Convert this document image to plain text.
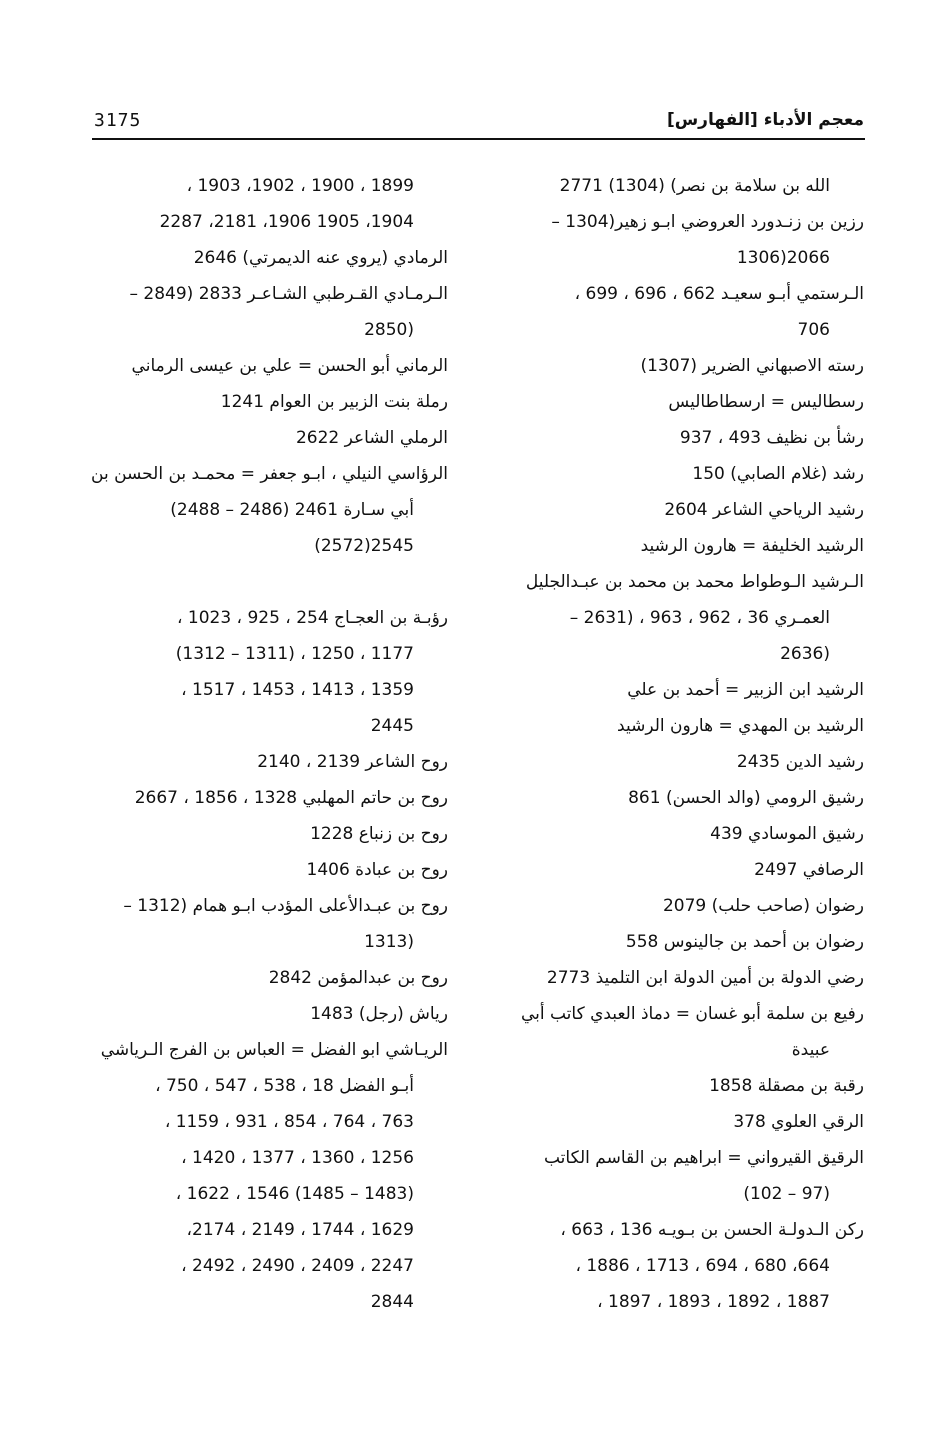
معجم الأدباء [الفهارس]
3175
الله بن سلامة بن نصر) (1304) 2771
رزين بن زنـدورد العروضي ابـو زهير(1304 –
2066(1306
الـرستمي أبـو سعيـد 662 ، 696 ، 699 ،
706
رسته الاصبهاني الضرير (1307)
رسطاليس = ارسطاطاليس
رشأ بن نظيف 493 ، 937
رشد (غلام الصابي) 150
رشيد الرياحي الشاعر 2604
الرشيد الخليفة = هارون الرشيد
الـرشيد الـوطواط محمد بن محمد بن عبـدالجليل
العمـري 36 ، 962 ، 963 ، (2631 –
(2636
الرشيد ابن الزبير = أحمد بن علي
الرشيد بن المهدي = هارون الرشيد
رشيد الدين 2435
رشيق الرومي (والد الحسن) 861
رشيق الموسادي 439
الرصافي 2497
رضوان (صاحب حلب) 2079
رضوان بن أحمد بن جالينوس 558
رضي الدولة بن أمين الدولة ابن التلميذ 2773
رفيع بن سلمة أبو غسان = دماذ العبدي كاتب أبي
عبيدة
رقبة بن مصقلة 1858
الرقي العلوي 378
الرقيق القيرواني = ابراهيم بن القاسم الكاتب
(97 – 102)
ركن الـدولـة الحسن بن بـويـه 136 ، 663 ،
664، 680 ، 694 ، 1713 ، 1886 ،
1887 ، 1892 ، 1893 ، 1897 ،
1899 ، 1900 ، 1902، 1903 ،
1904، 1905 1906، 2181، 2287
الرمادي (يروي عنه الديمرتي) 2646
الـرمـادي القـرطبي الشـاعـر 2833 (2849 –
(2850
الرماني أبو الحسن = علي بن عيسى الرماني
رملة بنت الزبير بن العوام 1241
الرملي الشاعر 2622
الرؤاسي النيلي ، ابـو جعفر = محمـد بن الحسن بن
أبي سـارة 2461 (2486 – 2488)
2545(2572)
رؤبـة بن العجـاج 254 ، 925 ، 1023 ،
1177 ، 1250 ، (1311 – 1312)
1359 ، 1413 ، 1453 ، 1517 ،
2445
روح الشاعر 2139 ، 2140
روح بن حاتم المهلبي 1328 ، 1856 ، 2667
روح بن زنباع 1228
روح بن عبادة 1406
روح بن عبـدالأعلى المؤدب ابـو همام (1312 –
(1313
روح بن عبدالمؤمن 2842
رياش (رجل) 1483
الريـاشي ابو الفضل = العباس بن الفرج الـرياشي
أبـو الفضل 18 ، 538 ، 547 ، 750 ،
763 ، 764 ، 854 ، 931 ، 1159 ،
1256 ، 1360 ، 1377 ، 1420 ،
(1483 – 1485) 1546 ، 1622 ،
1629 ، 1744 ، 2149 ، 2174،
2247 ، 2409 ، 2490 ، 2492 ،
2844
